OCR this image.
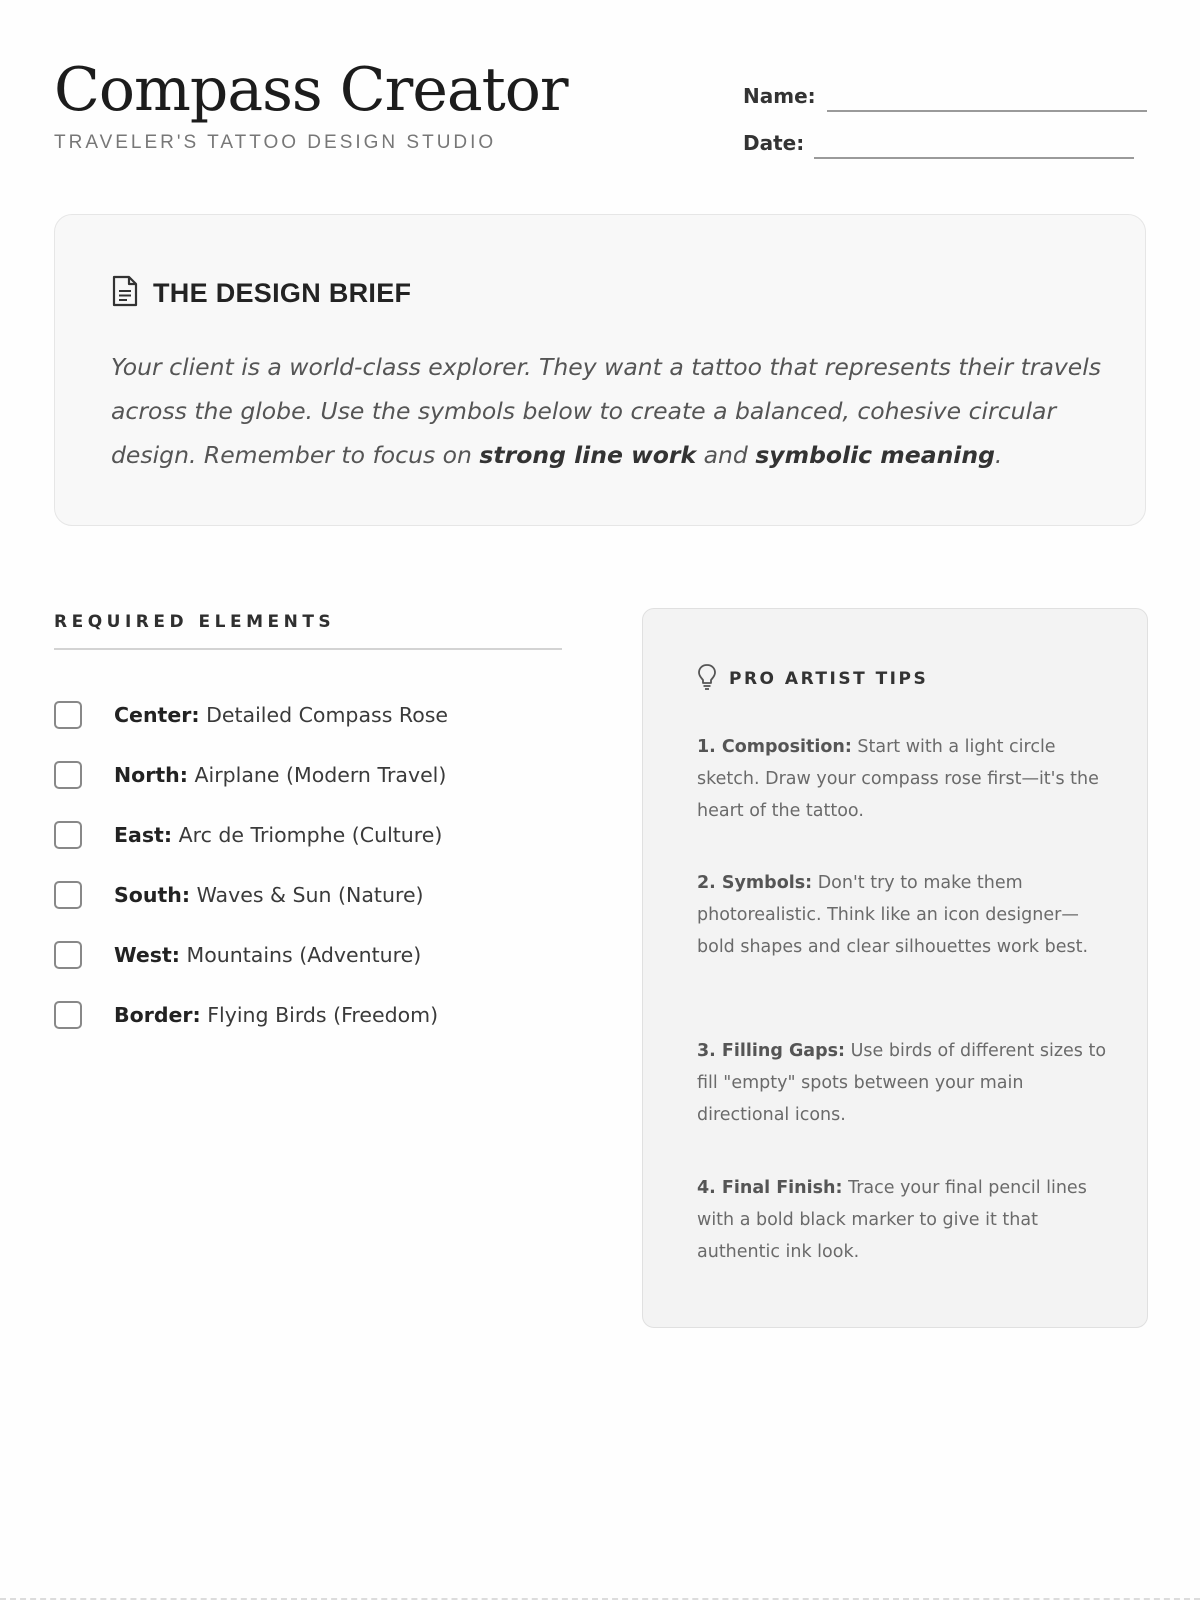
Compass Creator
TRAVELER'S TATTOO DESIGN STUDIO
Name:
Date:
THE DESIGN BRIEF

Your client is a world-class explorer. They want a tattoo that represents their travels across the globe. Use the symbols below to create a balanced, cohesive circular design. Remember to focus on strong line work and symbolic meaning.

REQUIRED ELEMENTS
Center: Detailed Compass Rose
North: Airplane (Modern Travel)
East: Arc de Triomphe (Culture)
South: Waves & Sun (Nature)
West: Mountains (Adventure)
Border: Flying Birds (Freedom)
PRO ARTIST TIPS

1. Composition: Start with a light circle sketch. Draw your compass rose first—it's the heart of the tattoo.

2. Symbols: Don't try to make them photorealistic. Think like an icon designer—bold shapes and clear silhouettes work best.

3. Filling Gaps: Use birds of different sizes to fill "empty" spots between your main directional icons.

4. Final Finish: Trace your final pencil lines with a bold black marker to give it that authentic ink look.
